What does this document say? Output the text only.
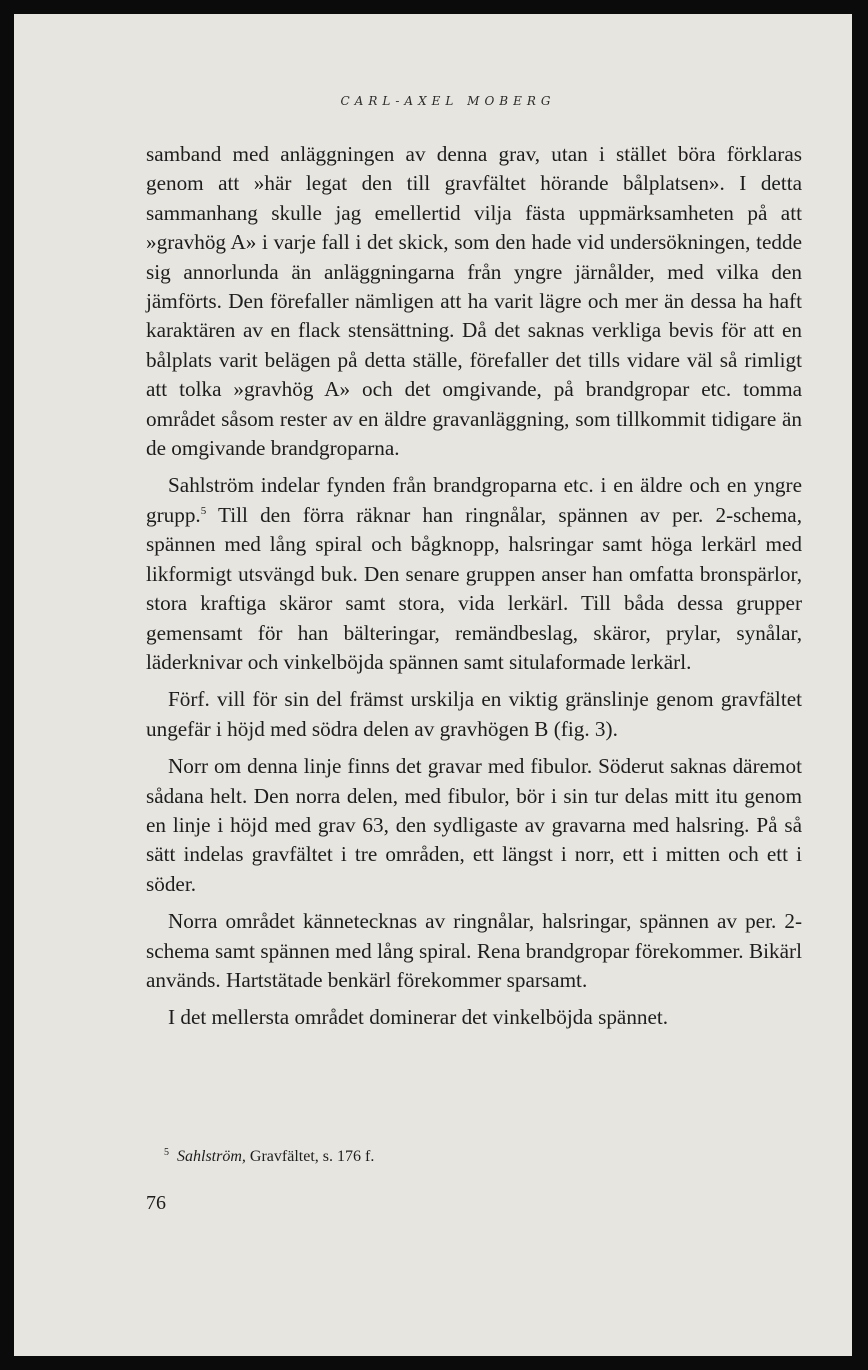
CARL-AXEL MOBERG

samband med anläggningen av denna grav, utan i stället böra förklaras genom att »här legat den till gravfältet hörande bålplatsen». I detta sammanhang skulle jag emellertid vilja fästa uppmärksamheten på att »gravhög A» i varje fall i det skick, som den hade vid undersökningen, tedde sig annorlunda än anläggningarna från yngre järnålder, med vilka den jämförts. Den förefaller nämligen att ha varit lägre och mer än dessa ha haft karaktären av en flack stensättning. Då det saknas verkliga bevis för att en bålplats varit belägen på detta ställe, förefaller det tills vidare väl så rimligt att tolka »gravhög A» och det omgivande, på brandgropar etc. tomma området såsom rester av en äldre gravanläggning, som tillkommit tidigare än de omgivande brandgroparna.

Sahlström indelar fynden från brandgroparna etc. i en äldre och en yngre grupp.$^5$ Till den förra räknar han ringnålar, spännen av per. 2-schema, spännen med lång spiral och bågknopp, halsringar samt höga lerkärl med likformigt utsvängd buk. Den senare gruppen anser han omfatta bronspärlor, stora kraftiga skäror samt stora, vida lerkärl. Till båda dessa grupper gemensamt för han bälteringar, remändbeslag, skäror, prylar, synålar, läderknivar och vinkelböjda spännen samt situlaformade lerkärl.

Förf. vill för sin del främst urskilja en viktig gränslinje genom gravfältet ungefär i höjd med södra delen av gravhögen B (fig. 3).

Norr om denna linje finns det gravar med fibulor. Söderut saknas däremot sådana helt. Den norra delen, med fibulor, bör i sin tur delas mitt itu genom en linje i höjd med grav 63, den sydligaste av gravarna med halsring. På så sätt indelas gravfältet i tre områden, ett längst i norr, ett i mitten och ett i söder.

Norra området kännetecknas av ringnålar, halsringar, spännen av per. 2-schema samt spännen med lång spiral. Rena brandgropar förekommer. Bikärl används. Hartstätade benkärl förekommer sparsamt.

I det mellersta området dominerar det vinkelböjda spännet.

$^5$ Sahlström, Gravfältet, s. 176 f.
76
